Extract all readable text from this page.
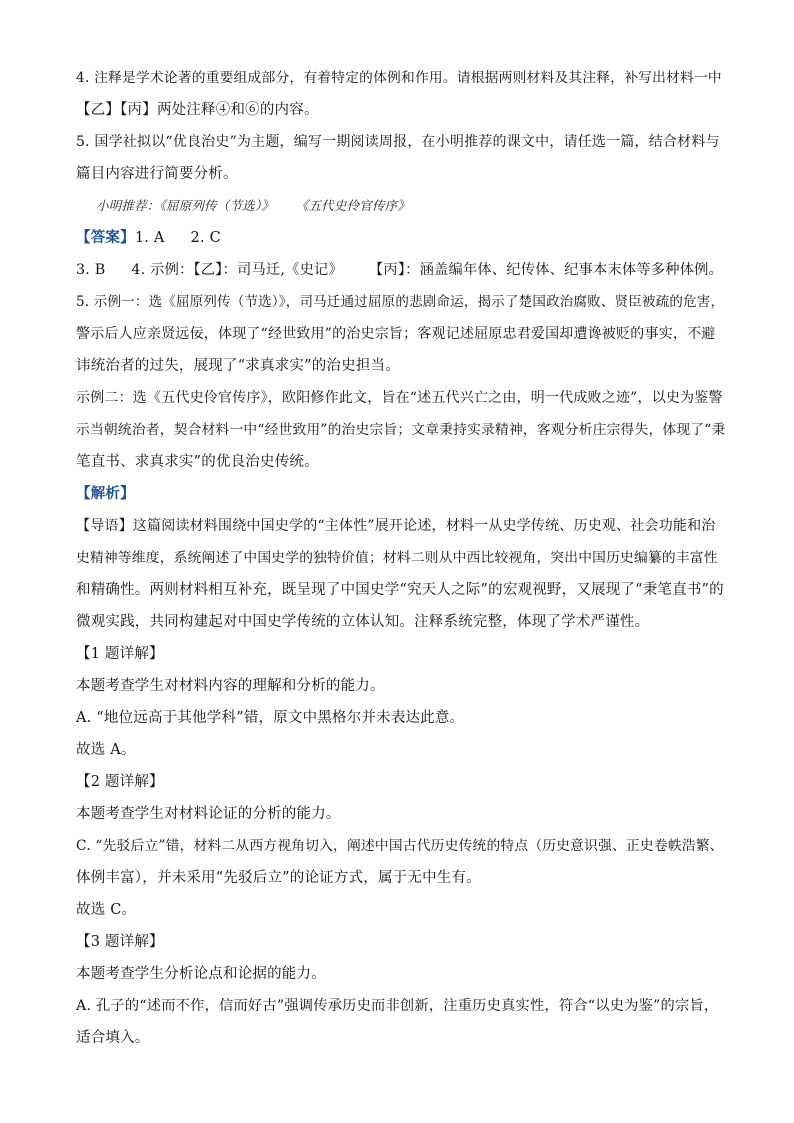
4. 注释是学术论著的重要组成部分，有着特定的体例和作用。请根据两则材料及其注释，补写出材料一中
【乙】【丙】两处注释④和⑥的内容。
5. 国学社拟以“优良治史”为主题，编写一期阅读周报，在小明推荐的课文中，请任选一篇，结合材料与
篇目内容进行简要分析。
小明推荐：《屈原列传（节选）》 《五代史伶官传序》
【答案】1. A 2. C
3. B 4. 示例：【乙】：司马迁,《史记》 【丙】：涵盖编年体、纪传体、纪事本末体等多种体例。
5. 示例一：选《屈原列传（节选）》，司马迁通过屈原的悲剧命运，揭示了楚国政治腐败、贤臣被疏的危害，
警示后人应亲贤远佞，体现了“经世致用”的治史宗旨；客观记述屈原忠君爱国却遭谗被贬的事实，不避
讳统治者的过失，展现了“求真求实”的治史担当。
示例二：选《五代史伶官传序》，欧阳修作此文，旨在“述五代兴亡之由，明一代成败之迹”，以史为鉴警
示当朝统治者，契合材料一中“经世致用”的治史宗旨；文章秉持实录精神，客观分析庄宗得失，体现了“秉
笔直书、求真求实”的优良治史传统。
【解析】
【导语】这篇阅读材料围绕中国史学的“主体性”展开论述，材料一从史学传统、历史观、社会功能和治
史精神等维度，系统阐述了中国史学的独特价值；材料二则从中西比较视角，突出中国历史编纂的丰富性
和精确性。两则材料相互补充，既呈现了中国史学“究天人之际”的宏观视野，又展现了“秉笔直书”的
微观实践，共同构建起对中国史学传统的立体认知。注释系统完整，体现了学术严谨性。
【1 题详解】
本题考查学生对材料内容的理解和分析的能力。
A. “地位远高于其他学科”错，原文中黑格尔并未表达此意。
故选 A。
【2 题详解】
本题考查学生对材料论证的分析的能力。
C. “先驳后立”错，材料二从西方视角切入，阐述中国古代历史传统的特点（历史意识强、正史卷帙浩繁、
体例丰富），并未采用“先驳后立”的论证方式，属于无中生有。
故选 C。
【3 题详解】
本题考查学生分析论点和论据的能力。
A. 孔子的“述而不作，信而好古”强调传承历史而非创新，注重历史真实性，符合“以史为鉴”的宗旨，
适合填入。
